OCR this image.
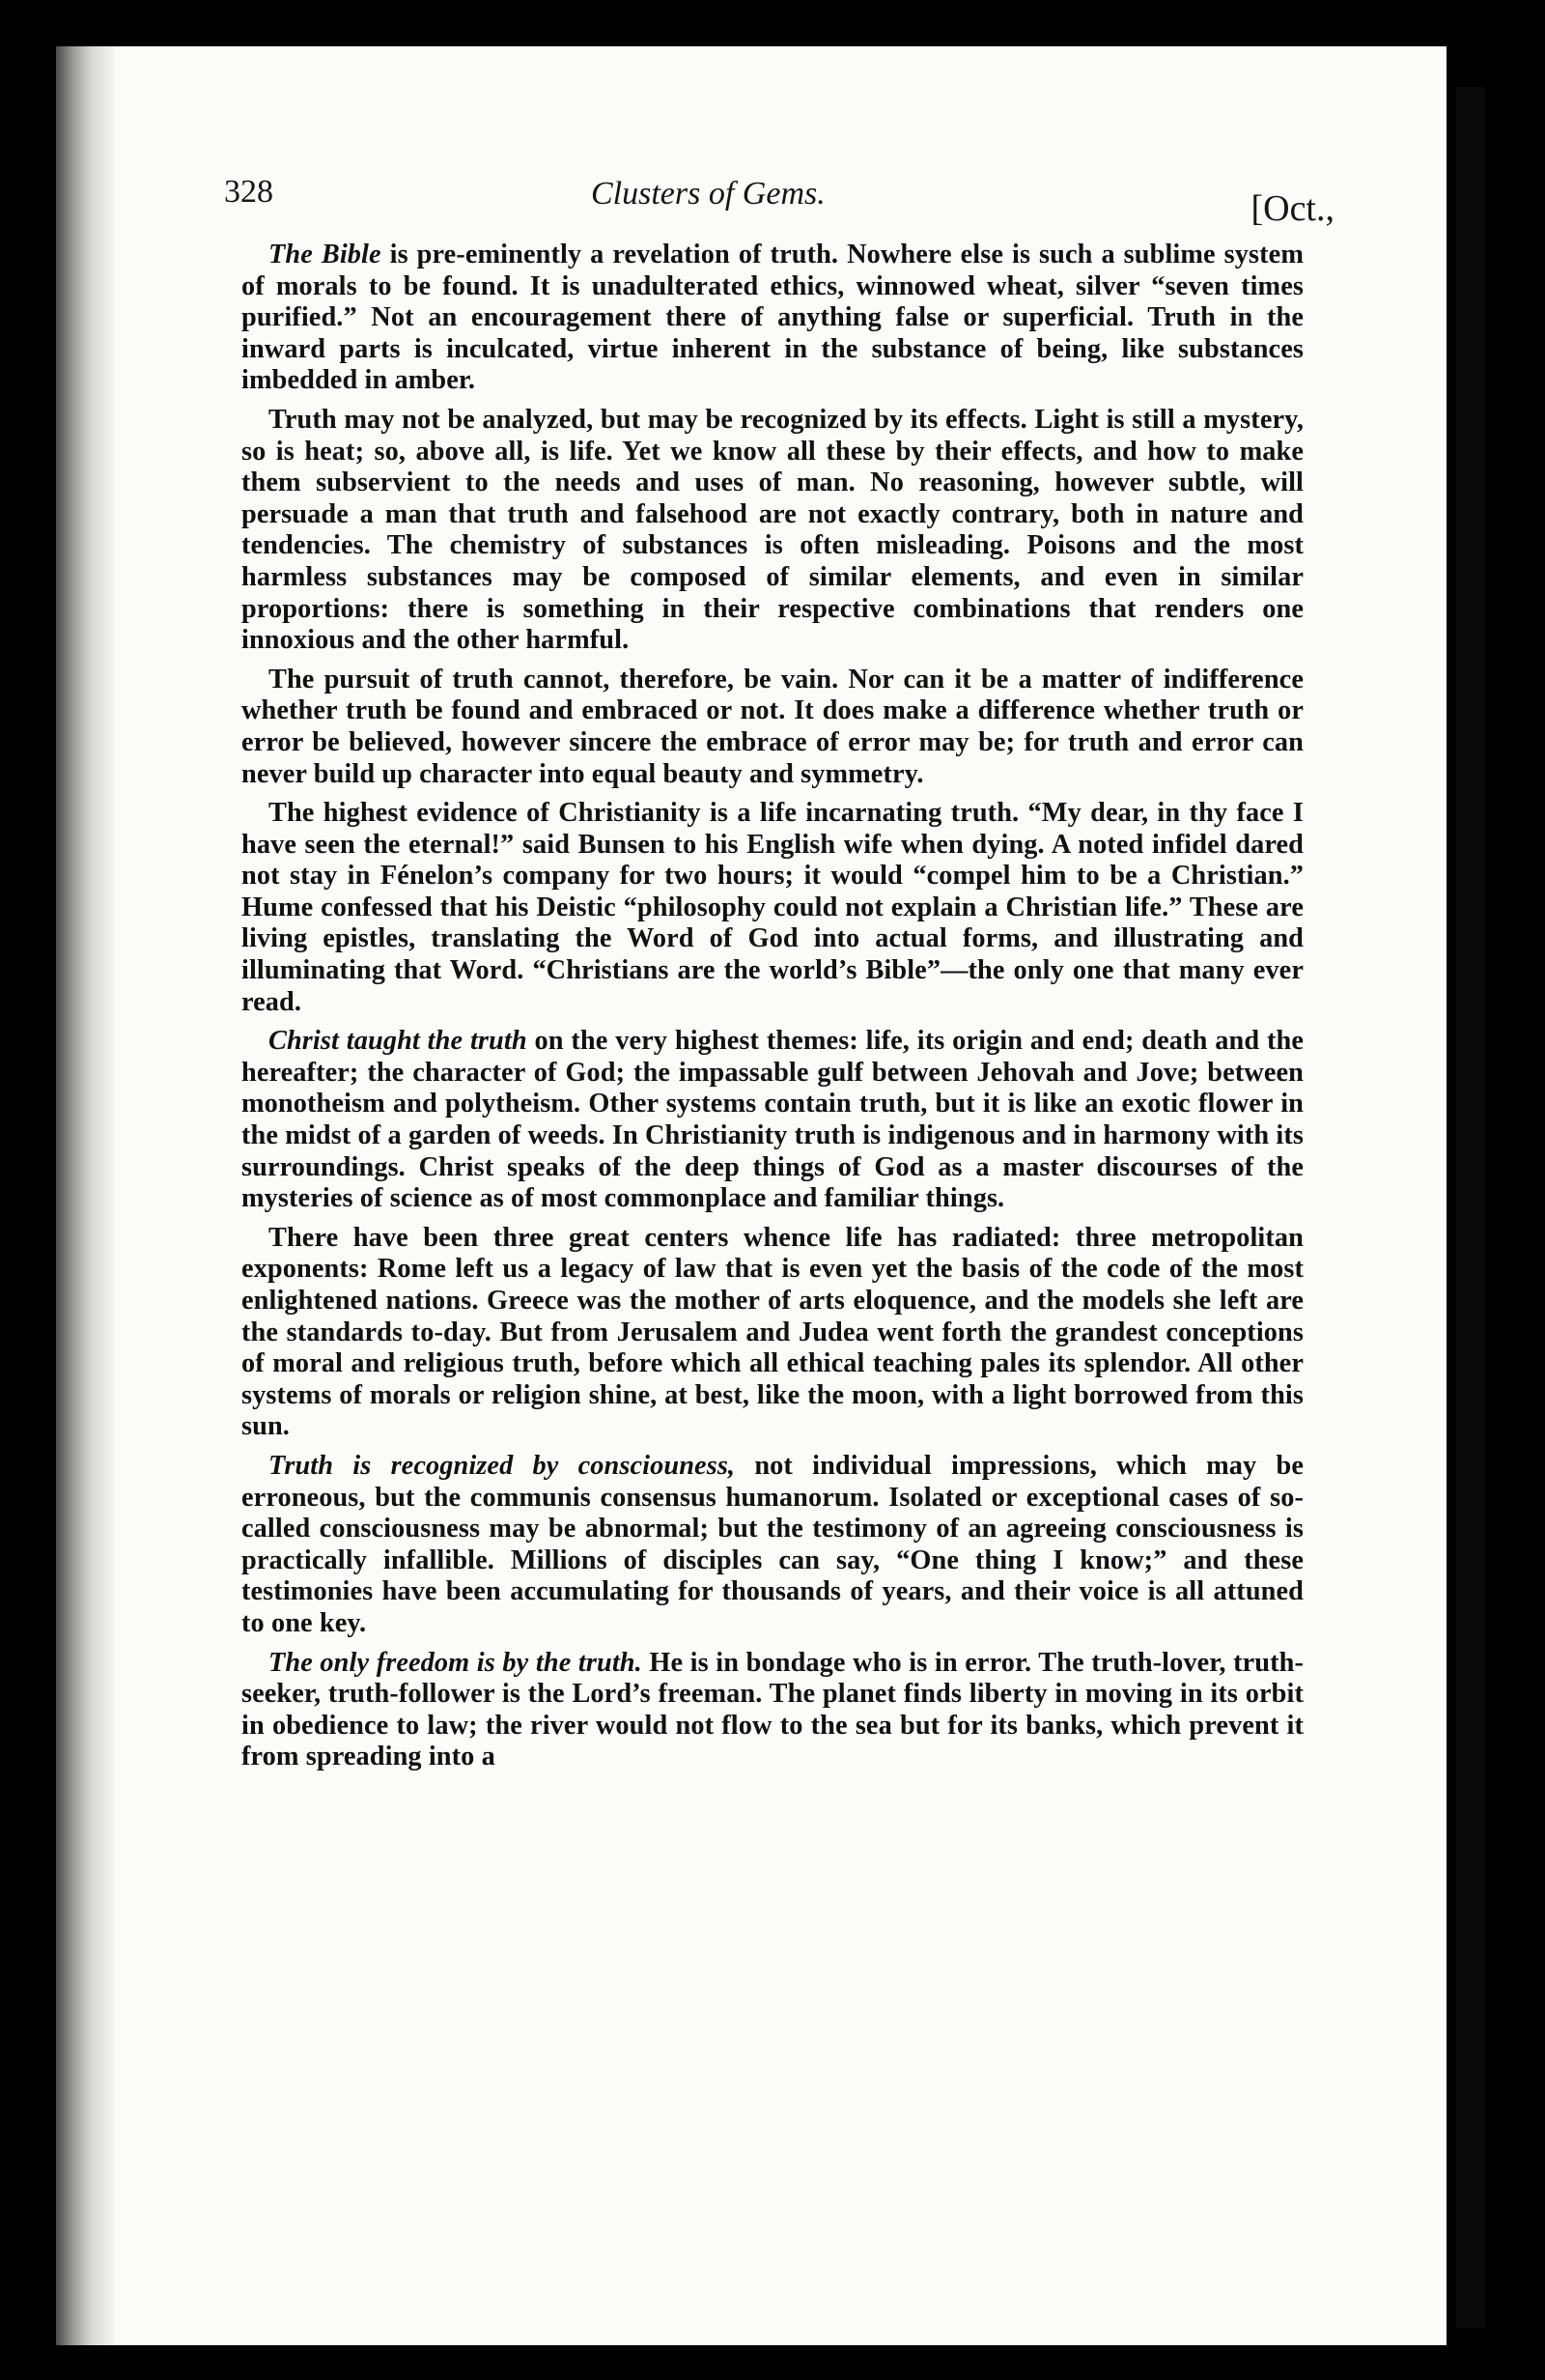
328	Clusters of Gems.	[Oct.,

The Bible is pre-eminently a revelation of truth. Nowhere else is such a sublime system of morals to be found. It is unadulterated ethics, winnowed wheat, silver “seven times purified.” Not an encouragement there of anything false or superficial. Truth in the inward parts is inculcated, virtue inherent in the substance of being, like substances imbedded in amber.

Truth may not be analyzed, but may be recognized by its effects. Light is still a mystery, so is heat; so, above all, is life. Yet we know all these by their effects, and how to make them subservient to the needs and uses of man. No reasoning, however subtle, will persuade a man that truth and falsehood are not exactly contrary, both in nature and tendencies. The chemistry of substances is often misleading. Poisons and the most harmless substances may be composed of similar elements, and even in similar proportions: there is something in their respective combinations that renders one innoxious and the other harmful.

The pursuit of truth cannot, therefore, be vain. Nor can it be a matter of indifference whether truth be found and embraced or not. It does make a difference whether truth or error be believed, however sincere the embrace of error may be; for truth and error can never build up character into equal beauty and symmetry.

The highest evidence of Christianity is a life incarnating truth. “My dear, in thy face I have seen the eternal!” said Bunsen to his English wife when dying. A noted infidel dared not stay in Fénelon’s company for two hours; it would “compel him to be a Christian.” Hume confessed that his Deistic “philosophy could not explain a Christian life.” These are living epistles, translating the Word of God into actual forms, and illustrating and illuminating that Word. “Christians are the world’s Bible”—the only one that many ever read.

Christ taught the truth on the very highest themes: life, its origin and end; death and the hereafter; the character of God; the impassable gulf between Jehovah and Jove; between monotheism and polytheism. Other systems contain truth, but it is like an exotic flower in the midst of a garden of weeds. In Christianity truth is indigenous and in harmony with its surroundings. Christ speaks of the deep things of God as a master discourses of the mysteries of science as of most commonplace and familiar things.

There have been three great centers whence life has radiated: three metropolitan exponents: Rome left us a legacy of law that is even yet the basis of the code of the most enlightened nations. Greece was the mother of arts eloquence, and the models she left are the standards to-day. But from Jerusalem and Judea went forth the grandest conceptions of moral and religious truth, before which all ethical teaching pales its splendor. All other systems of morals or religion shine, at best, like the moon, with a light borrowed from this sun.

Truth is recognized by consciouness, not individual impressions, which may be erroneous, but the communis consensus humanorum. Isolated or exceptional cases of so-called consciousness may be abnormal; but the testimony of an agreeing consciousness is practically infallible. Millions of disciples can say, “One thing I know;” and these testimonies have been accumulating for thousands of years, and their voice is all attuned to one key.

The only freedom is by the truth. He is in bondage who is in error. The truth-lover, truth-seeker, truth-follower is the Lord’s freeman. The planet finds liberty in moving in its orbit in obedience to law; the river would not flow to the sea but for its banks, which prevent it from spreading into a
